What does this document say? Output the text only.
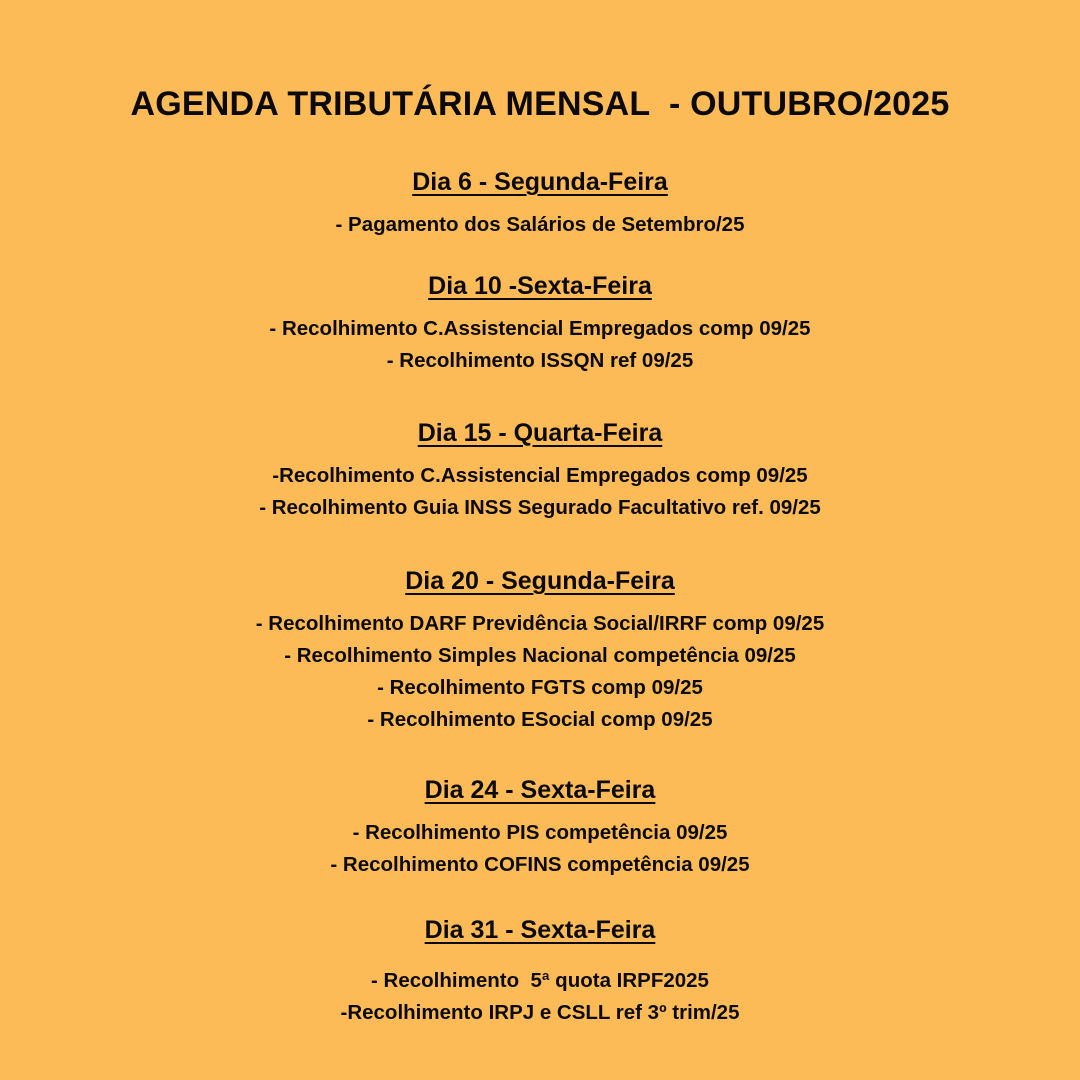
AGENDA TRIBUTÁRIA MENSAL  - OUTUBRO/2025
Dia 6 - Segunda-Feira
- Pagamento dos Salários de Setembro/25
Dia 10 -Sexta-Feira
- Recolhimento C.Assistencial Empregados comp 09/25
- Recolhimento ISSQN ref 09/25
Dia 15 - Quarta-Feira
-Recolhimento C.Assistencial Empregados comp 09/25
- Recolhimento Guia INSS Segurado Facultativo ref. 09/25
Dia 20 - Segunda-Feira
- Recolhimento DARF Previdência Social/IRRF comp 09/25
- Recolhimento Simples Nacional competência 09/25
- Recolhimento FGTS comp 09/25
- Recolhimento ESocial comp 09/25
Dia 24 - Sexta-Feira
- Recolhimento PIS competência 09/25
- Recolhimento COFINS competência 09/25
Dia 31 - Sexta-Feira
- Recolhimento  5ª quota IRPF2025
-Recolhimento IRPJ e CSLL ref 3º trim/25
